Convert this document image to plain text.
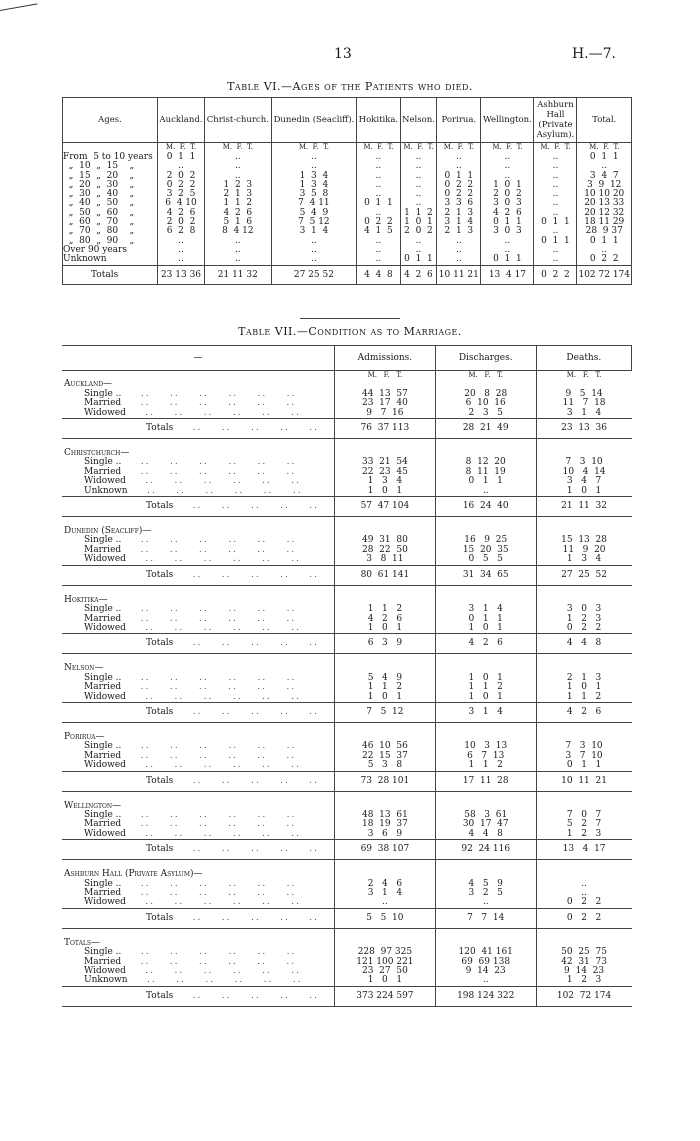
13	H.—7.
Table VI.—Ages of the Patients who died.
Ages.	Auckland.	Christ-church.	Dunedin (Seacliff).	Hokitika.	Nelson.	Porirua.	Wellington.	Ashburn Hall (Private Asylum).	Total.
	M.  F.  T.	M.  F.  T.	M.  F.  T.	M.  F.  T.	M.  F.  T.	M.  F.  T.	M.  F.  T.	M.  F.  T.	M.  F.  T.
From  5 to 10 years	0  1  1	..	..	..	..	..	..	..	0  1  1
„  10  „  15    „	..	..	..	..	..	..	..	..	..
„  15  „  20    „	2  0  2	..	1  3  4	..	..	0  1  1	..	..	3  4  7
„  20  „  30    „	0  2  2	1  2  3	1  3  4	..	..	0  2  2	1  0  1	..	3  9  12
„  30  „  40    „	3  2  5	2  1  3	3  5  8	..	..	0  2  2	2  0  2	..	10 10 20
„  40  „  50    „	6  4 10	1  1  2	7  4 11	0  1  1	..	3  3  6	3  0  3	..	20 13 33
„  50  „  60    „	4  2  6	4  2  6	5  4  9	..	1  1  2	2  1  3	4  2  6	..	20 12 32
„  60  „  70    „	2  0  2	5  1  6	7  5 12	0  2  2	1  0  1	3  1  4	0  1  1	0  1  1	18 11 29
„  70  „  80    „	6  2  8	8  4 12	3  1  4	4  1  5	2  0  2	2  1  3	3  0  3	..	28  9 37
„  80  „  90    „	..	..	..	..	..	..	..	0  1  1	0  1  1
Over 90 years	..	..	..	..	..	..	..	..	..
Unknown	..	..	..	..	0  1  1	..	0  1  1	..	0  2  2
Totals	23 13 36	21 11 32	27 25 52	4  4  8	4  2  6	10 11 21	13  4 17	0  2  2	102 72 174
Table VII.—Condition as to Marriage.
—	Admissions.	Discharges.	Deaths.
	M.   F.   T.	M.   F.   T.	M.   F.   T.
Auckland—			
Single ..    ..    ..    ..    ..    ..    ..	44  13  57	20   8  28	9   5  14
Married    ..    ..    ..    ..    ..    ..	23  17  40	6  10  16	11   7  18
Widowed    ..    ..    ..    ..    ..    ..	9   7  16	2   3   5	3   1   4
Totals    ..    ..    ..    ..    ..	76  37 113	28  21  49	23  13  36

Christchurch—			
Single ..    ..    ..    ..    ..    ..    ..	33  21  54	8  12  20	7   3  10
Married    ..    ..    ..    ..    ..    ..	22  23  45	8  11  19	10   4  14
Widowed    ..    ..    ..    ..    ..    ..	1   3   4	0   1   1	3   4   7
Unknown    ..    ..    ..    ..    ..    ..	1   0   1	..	1   0   1
Totals    ..    ..    ..    ..    ..	57  47 104	16  24  40	21  11  32

Dunedin (Seacliff)—			
Single ..    ..    ..    ..    ..    ..    ..	49  31  80	16   9  25	15  13  28
Married    ..    ..    ..    ..    ..    ..	28  22  50	15  20  35	11   9  20
Widowed    ..    ..    ..    ..    ..    ..	3   8  11	0   5   5	1   3   4
Totals    ..    ..    ..    ..    ..	80  61 141	31  34  65	27  25  52

Hokitika—			
Single ..    ..    ..    ..    ..    ..    ..	1   1   2	3   1   4	3   0   3
Married    ..    ..    ..    ..    ..    ..	4   2   6	0   1   1	1   2   3
Widowed    ..    ..    ..    ..    ..    ..	1   0   1	1   0   1	0   2   2
Totals    ..    ..    ..    ..    ..	6   3   9	4   2   6	4   4   8

Nelson—			
Single ..    ..    ..    ..    ..    ..    ..	5   4   9	1   0   1	2   1   3
Married    ..    ..    ..    ..    ..    ..	1   1   2	1   1   2	1   0   1
Widowed    ..    ..    ..    ..    ..    ..	1   0   1	1   0   1	1   1   2
Totals    ..    ..    ..    ..    ..	7   5  12	3   1   4	4   2   6

Porirua—			
Single ..    ..    ..    ..    ..    ..    ..	46  10  56	10   3  13	7   3  10
Married    ..    ..    ..    ..    ..    ..	22  15  37	6   7  13	3   7  10
Widowed    ..    ..    ..    ..    ..    ..	5   3   8	1   1   2	0   1   1
Totals    ..    ..    ..    ..    ..	73  28 101	17  11  28	10  11  21

Wellington—			
Single ..    ..    ..    ..    ..    ..    ..	48  13  61	58   3  61	7   0   7
Married    ..    ..    ..    ..    ..    ..	18  19  37	30  17  47	5   2   7
Widowed    ..    ..    ..    ..    ..    ..	3   6   9	4   4   8	1   2   3
Totals    ..    ..    ..    ..    ..	69  38 107	92  24 116	13   4  17

Ashburn Hall (Private Asylum)—			
Single ..    ..    ..    ..    ..    ..    ..	2   4   6	4   5   9	..
Married    ..    ..    ..    ..    ..    ..	3   1   4	3   2   5	..
Widowed    ..    ..    ..    ..    ..    ..	..	..	0   2   2
Totals    ..    ..    ..    ..    ..	5   5  10	7   7  14	0   2   2

Totals—			
Single ..    ..    ..    ..    ..    ..    ..	228  97 325	120  41 161	50  25  75
Married    ..    ..    ..    ..    ..    ..	121 100 221	69  69 138	42  31  73
Widowed    ..    ..    ..    ..    ..    ..	23  27  50	9  14  23	9  14  23
Unknown    ..    ..    ..    ..    ..    ..	1   0   1	..	1   2   3
Totals    ..    ..    ..    ..    ..	373 224 597	198 124 322	102  72 174
